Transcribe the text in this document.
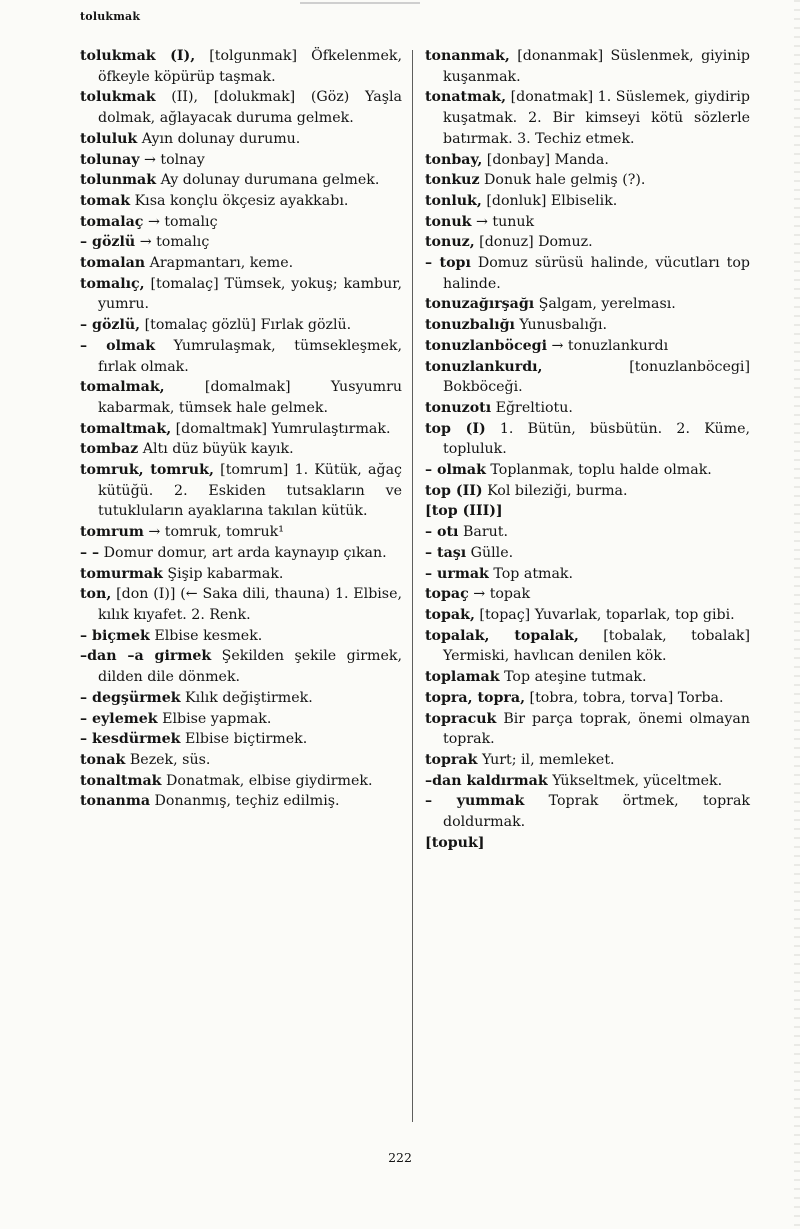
tolukmak
tolukmak (I), [tolgunmak] Öfkelenmek, öfkeyle köpürüp taşmak.
tolukmak (II), [dolukmak] (Göz) Yaşla dolmak, ağlayacak duruma gelmek.
toluluk Ayın dolunay durumu.
tolunay → tolnay
tolunmak Ay dolunay durumana gelmek.
tomak Kısa konçlu ökçesiz ayakkabı.
tomalaç → tomalıç
– gözlü → tomalıç
tomalan Arapmantarı, keme.
tomalıç, [tomalaç] Tümsek, yokuş; kambur, yumru.
– gözlü, [tomalaç gözlü] Fırlak gözlü.
– olmak Yumrulaşmak, tümsekleşmek, fırlak olmak.
tomalmak, [domalmak] Yusyumru kabarmak, tümsek hale gelmek.
tomaltmak, [domaltmak] Yumrulaştırmak.
tombaz Altı düz büyük kayık.
tomruk, tomruk, [tomrum] 1. Kütük, ağaç kütüğü. 2. Eskiden tutsakların ve tutukluların ayaklarına takılan kütük.
tomrum → tomruk, tomruk¹
– – Domur domur, art arda kaynayıp çıkan.
tomurmak Şişip kabarmak.
ton, [don (I)] (← Saka dili, thauna) 1. Elbise, kılık kıyafet. 2. Renk.
– biçmek Elbise kesmek.
–dan –a girmek Şekilden şekile girmek, dilden dile dönmek.
– degşürmek Kılık değiştirmek.
– eylemek Elbise yapmak.
– kesdürmek Elbise biçtirmek.
tonak Bezek, süs.
tonaltmak Donatmak, elbise giydirmek.
tonanma Donanmış, teçhiz edilmiş.
tonanmak, [donanmak] Süslenmek, giyinip kuşanmak.
tonatmak, [donatmak] 1. Süslemek, giydirip kuşatmak. 2. Bir kimseyi kötü sözlerle batırmak. 3. Techiz etmek.
tonbay, [donbay] Manda.
tonkuz Donuk hale gelmiş (?).
tonluk, [donluk] Elbiselik.
tonuk → tunuk
tonuz, [donuz] Domuz.
– topı Domuz sürüsü halinde, vücutları top halinde.
tonuzağırşağı Şalgam, yerelması.
tonuzbalığı Yunusbalığı.
tonuzlanböcegi → tonuzlankurdı
tonuzlankurdı, [tonuzlanböcegi] Bokböceği.
tonuzotı Eğreltiotu.
top (I) 1. Bütün, büsbütün. 2. Küme, topluluk.
– olmak Toplanmak, toplu halde olmak.
top (II) Kol bileziği, burma.
[top (III)]
– otı Barut.
– taşı Gülle.
– urmak Top atmak.
topaç → topak
topak, [topaç] Yuvarlak, toparlak, top gibi.
topalak, topalak, [tobalak, tobalak] Yermiski, havlıcan denilen kök.
toplamak Top ateşine tutmak.
topra, topra, [tobra, tobra, torva] Torba.
topracuk Bir parça toprak, önemi olmayan toprak.
toprak Yurt; il, memleket.
–dan kaldırmak Yükseltmek, yüceltmek.
– yummak Toprak örtmek, toprak doldurmak.
[topuk]
222
